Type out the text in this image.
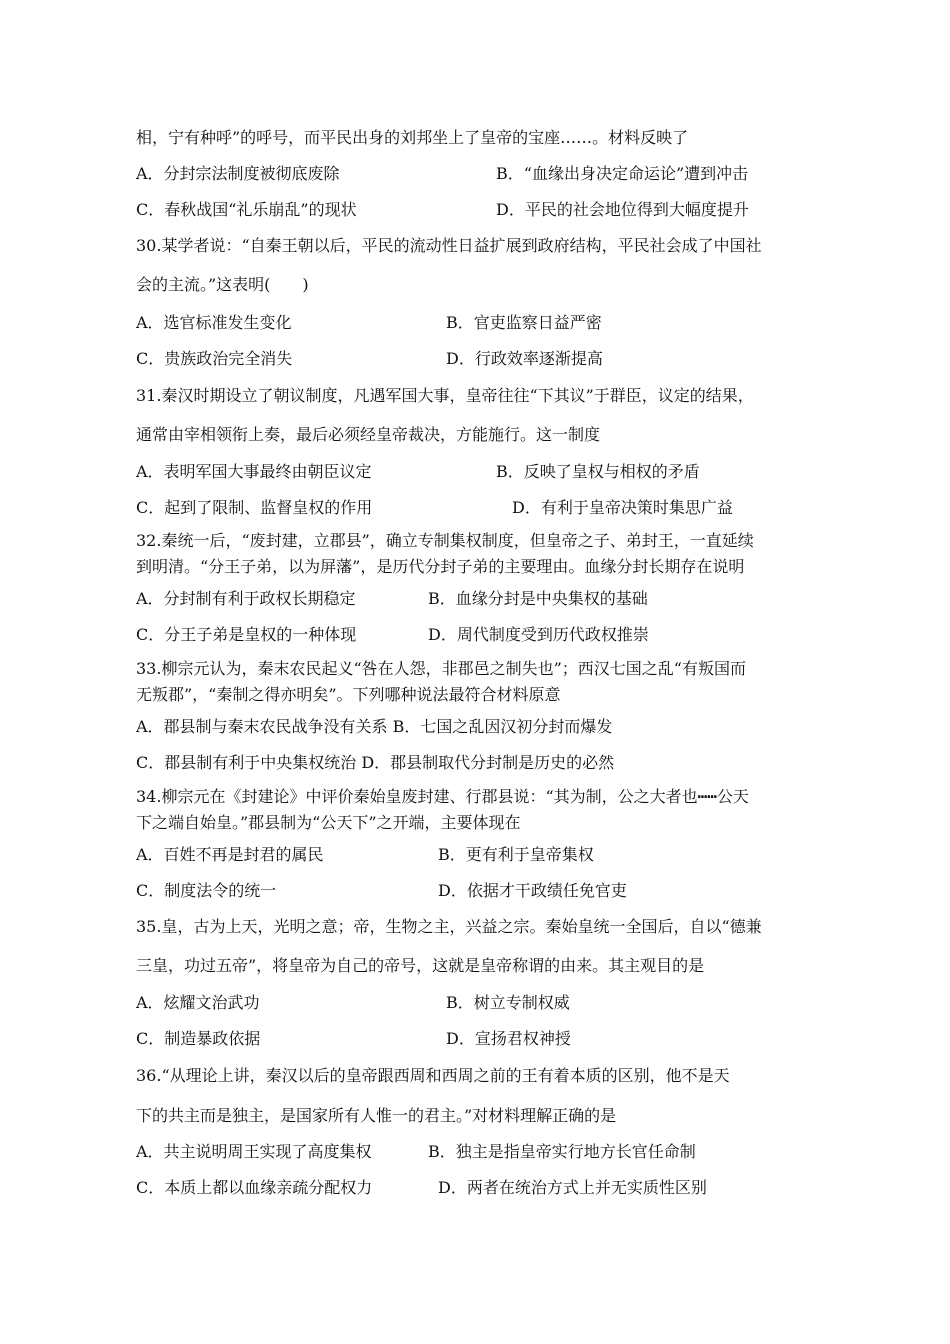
相，宁有种呼”的呼号，而平民出身的刘邦坐上了皇帝的宝座……。材料反映了
A．分封宗法制度被彻底废除	B．“血缘出身决定命运论”遭到冲击
C．春秋战国“礼乐崩乱”的现状	D．平民的社会地位得到大幅度提升
30.某学者说：“自秦王朝以后，平民的流动性日益扩展到政府结构，平民社会成了中国社
会的主流。”这表明(　　)
A．选官标准发生变化	B．官吏监察日益严密
C．贵族政治完全消失	D．行政效率逐渐提高
31.秦汉时期设立了朝议制度，凡遇军国大事，皇帝往往“下其议”于群臣，议定的结果，
通常由宰相领衔上奏，最后必须经皇帝裁决，方能施行。这一制度
A．表明军国大事最终由朝臣议定	B．反映了皇权与相权的矛盾
C．起到了限制、监督皇权的作用	D．有利于皇帝决策时集思广益
32.秦统一后，“废封建，立郡县”，确立专制集权制度，但皇帝之子、弟封王，一直延续
到明清。“分王子弟，以为屏藩”，是历代分封子弟的主要理由。血缘分封长期存在说明
A．分封制有利于政权长期稳定	B．血缘分封是中央集权的基础
C．分王子弟是皇权的一种体现	D．周代制度受到历代政权推崇
33.柳宗元认为，秦末农民起义“咎在人怨，非郡邑之制失也”；西汉七国之乱“有叛国而
无叛郡”，“秦制之得亦明矣”。下列哪种说法最符合材料原意
A．郡县制与秦末农民战争没有关系 B．七国之乱因汉初分封而爆发
C．郡县制有利于中央集权统治 D．郡县制取代分封制是历史的必然
34.柳宗元在《封建论》中评价秦始皇废封建、行郡县说：“其为制，公之大者也┅┅公天
下之端自始皇。”郡县制为“公天下”之开端，主要体现在
A．百姓不再是封君的属民	B．更有利于皇帝集权
C．制度法令的统一	D．依据才干政绩任免官吏
35.皇，古为上天，光明之意；帝，生物之主，兴益之宗。秦始皇统一全国后，自以“德兼
三皇，功过五帝”，将皇帝为自己的帝号，这就是皇帝称谓的由来。其主观目的是
A．炫耀文治武功	B．树立专制权威
C．制造暴政依据	D．宣扬君权神授
36.“从理论上讲，秦汉以后的皇帝跟西周和西周之前的王有着本质的区别，他不是天
下的共主而是独主，是国家所有人惟一的君主。”对材料理解正确的是
A．共主说明周王实现了高度集权	B．独主是指皇帝实行地方长官任命制
C．本质上都以血缘亲疏分配权力	D．两者在统治方式上并无实质性区别
